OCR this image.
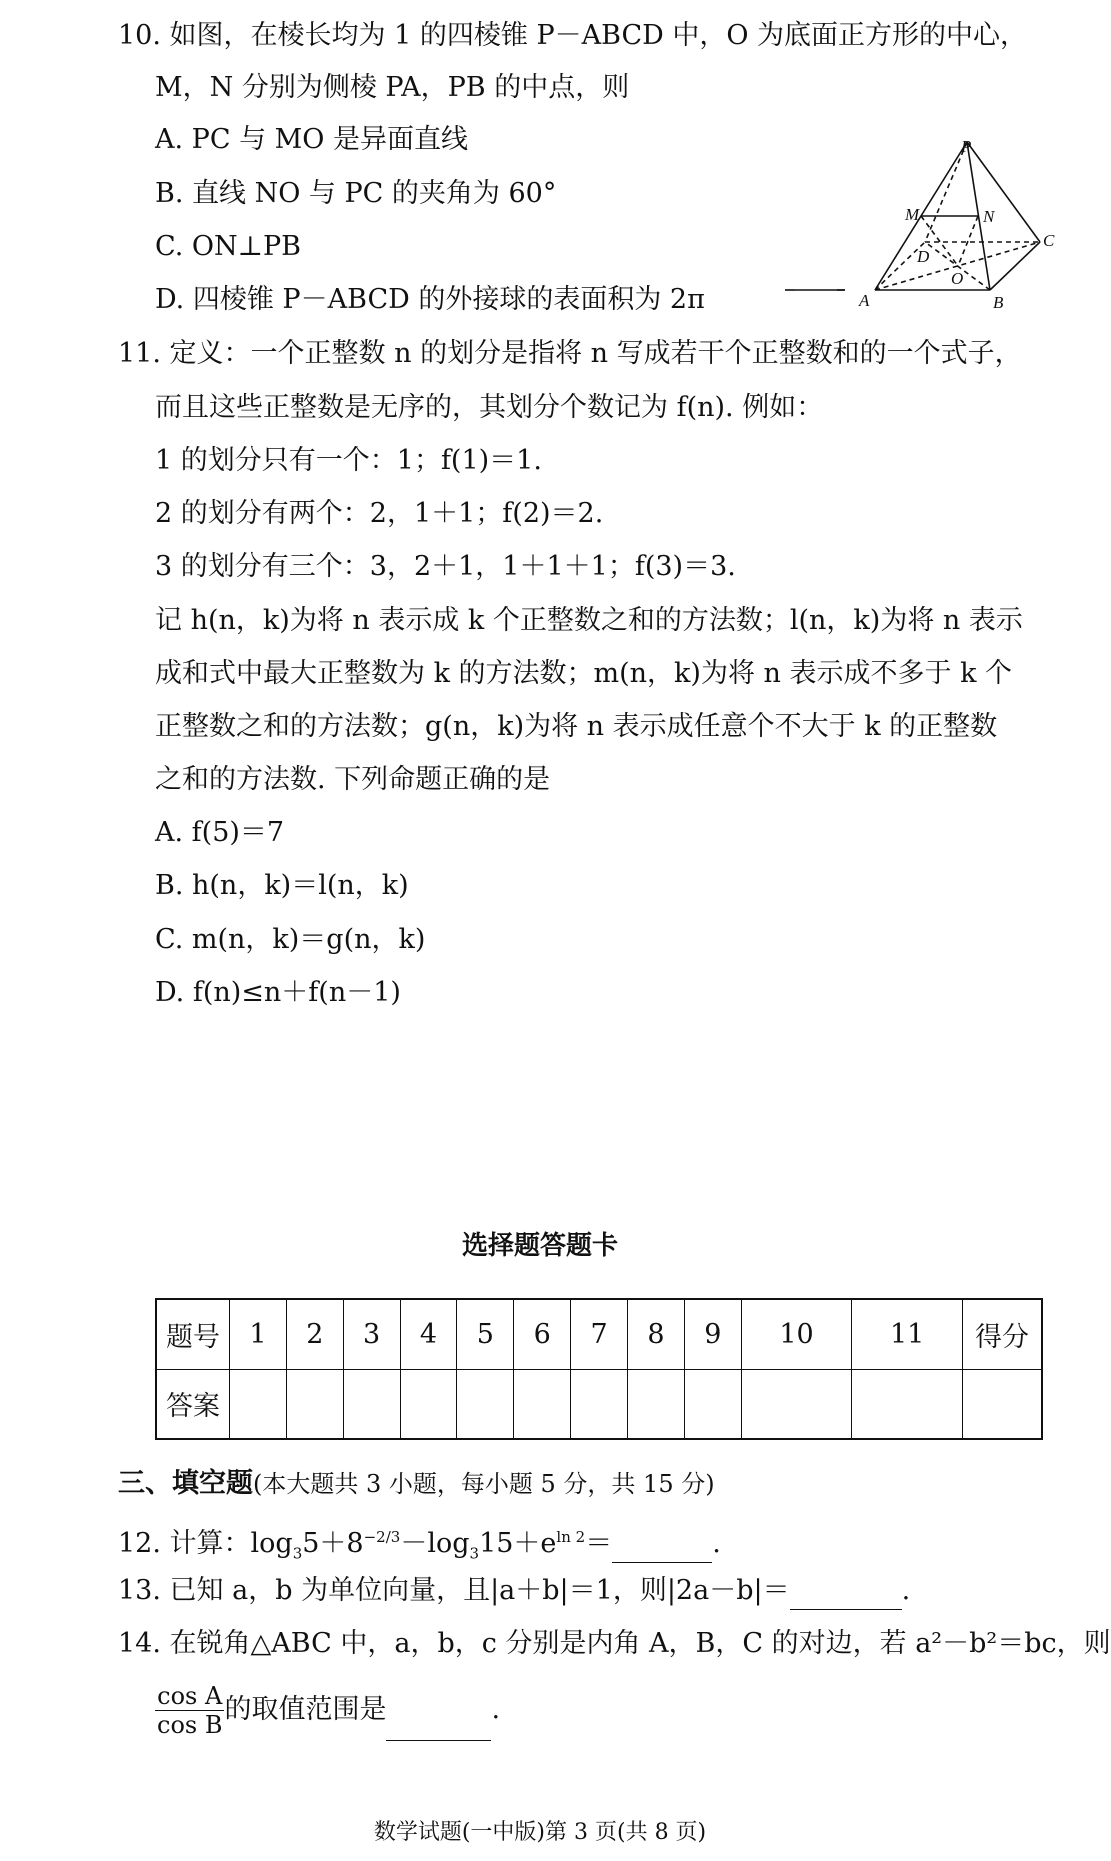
10. 如图，在棱长均为 1 的四棱锥 P－ABCD 中，O 为底面正方形的中心，
M，N 分别为侧棱 PA，PB 的中点，则
A. PC 与 MO 是异面直线
B. 直线 NO 与 PC 的夹角为 60°
C. ON⊥PB
D. 四棱锥 P－ABCD 的外接球的表面积为 2π
P
M	N
C
D
O
A	B
11. 定义：一个正整数 n 的划分是指将 n 写成若干个正整数和的一个式子，
而且这些正整数是无序的，其划分个数记为 f(n). 例如：
1 的划分只有一个：1；f(1)＝1.
2 的划分有两个：2，1＋1；f(2)＝2.
3 的划分有三个：3，2＋1，1＋1＋1；f(3)＝3.
记 h(n，k)为将 n 表示成 k 个正整数之和的方法数；l(n，k)为将 n 表示
成和式中最大正整数为 k 的方法数；m(n，k)为将 n 表示成不多于 k 个
正整数之和的方法数；g(n，k)为将 n 表示成任意个不大于 k 的正整数
之和的方法数. 下列命题正确的是
A. f(5)＝7
B. h(n，k)＝l(n，k)
C. m(n，k)＝g(n，k)
D. f(n)≤n＋f(n－1)
选择题答题卡
题号	1	2	3	4	5	6	7	8	9	10	11	得分
答案												
三、填空题(本大题共 3 小题，每小题 5 分，共 15 分)
12. 计算：$\log_35+8^{-2/3}-\log_315+e^{ln 2}=$	.
13. 已知 a，b 为单位向量，且|a＋b|＝1，则|2a－b|＝	.
14. 在锐角△ABC 中，a，b，c 分别是内角 A，B，C 的对边，若 a²－b²＝bc，则
$\frac{\text{cos A}}{\text{cos B}}$ 的取值范围是	.
数学试题(一中版)第 3 页(共 8 页)
